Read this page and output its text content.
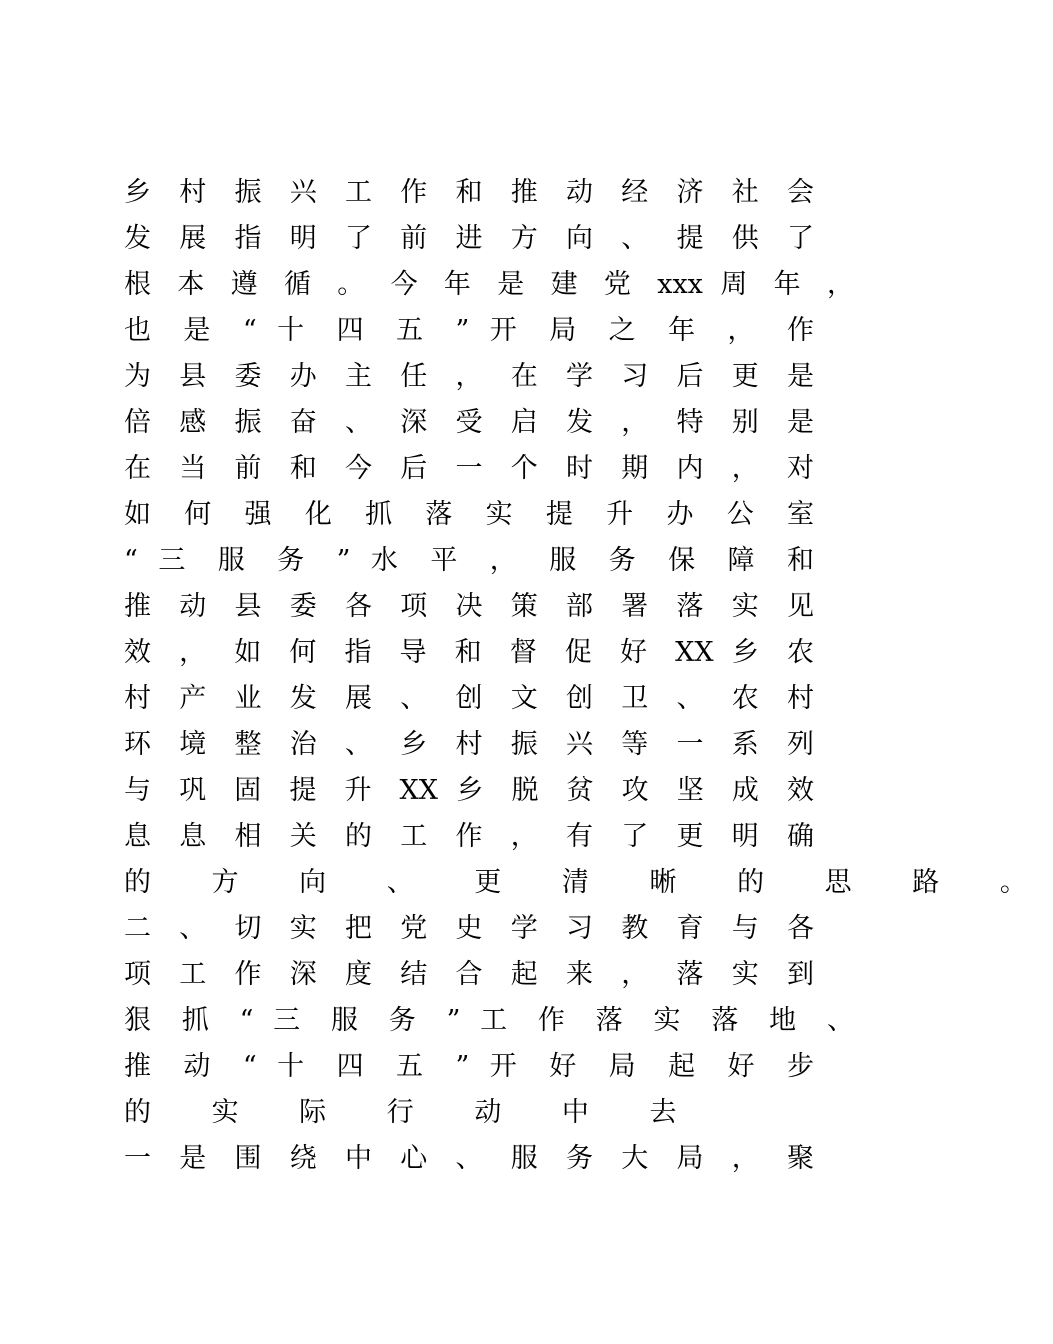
乡 村 振 兴 工 作 和 推 动 经 济 社 会
发 展 指 明 了 前 进 方 向 、 提 供 了
根 本 遵 循 。 今 年 是 建 党 xxx 周 年 ，
也 是 “ 十 四 五 ” 开 局 之 年 ， 作
为 县 委 办 主 任 ， 在 学 习 后 更 是
倍 感 振 奋 、 深 受 启 发 ， 特 别 是
在 当 前 和 今 后 一 个 时 期 内 ， 对
如 何 强 化 抓 落 实 提 升 办 公 室
“ 三 服 务 ” 水 平 ， 服 务 保 障 和
推 动 县 委 各 项 决 策 部 署 落 实 见
效 ， 如 何 指 导 和 督 促 好 XX 乡 农
村 产 业 发 展 、 创 文 创 卫 、 农 村
环 境 整 治 、 乡 村 振 兴 等 一 系 列
与 巩 固 提 升 XX 乡 脱 贫 攻 坚 成 效
息 息 相 关 的 工 作 ， 有 了 更 明 确
的 方 向 、 更 清 晰 的 思 路 。
二 、 切 实 把 党 史 学 习 教 育 与 各
项 工 作 深 度 结 合 起 来 ， 落 实 到
狠 抓 “ 三 服 务 ” 工 作 落 实 落 地 、
推 动 “ 十 四 五 ” 开 好 局 起 好 步
的 实 际 行 动 中 去
一 是 围 绕 中 心 、 服 务 大 局 ， 聚
